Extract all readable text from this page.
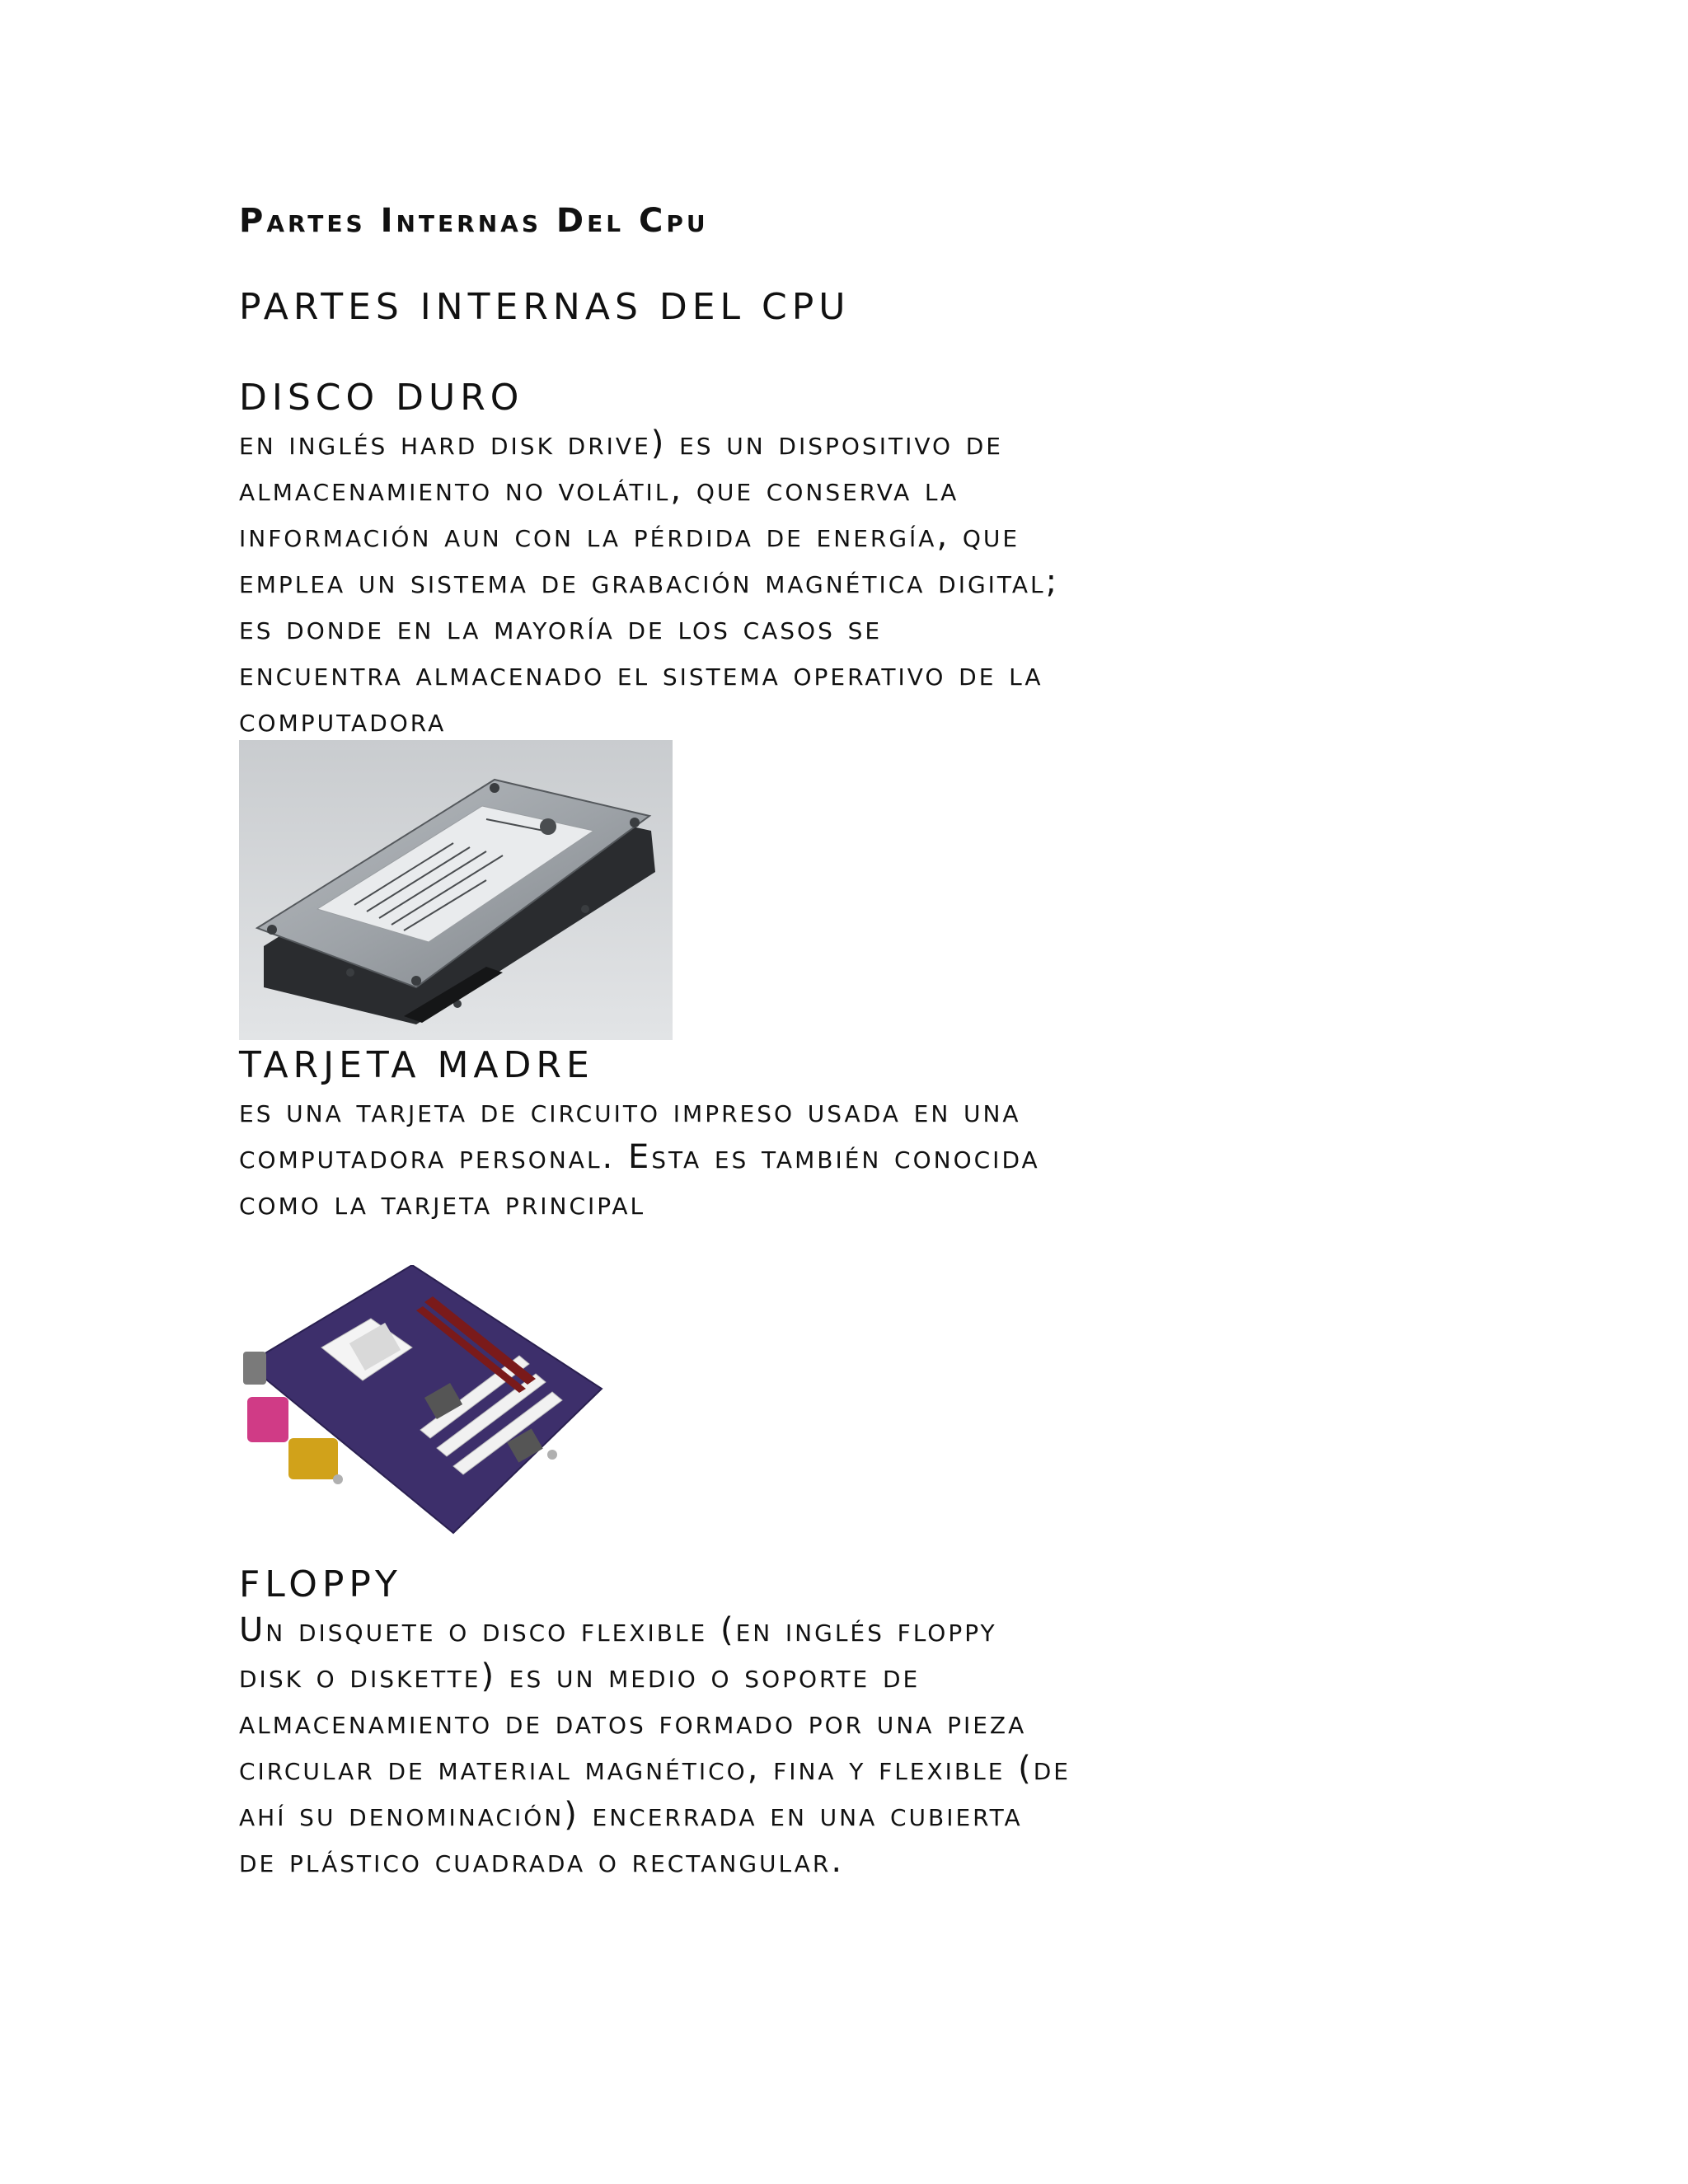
Partes Internas Del Cpu
PARTES INTERNAS DEL CPU
DISCO DURO
en inglés hard disk drive) es un dispositivo de
almacenamiento no volátil, que conserva la
información aun con la pérdida de energía, que
emplea un sistema de grabación magnética digital;
es donde en la mayoría de los casos se
encuentra almacenado el sistema operativo de la
computadora
TARJETA MADRE
es una tarjeta de circuito impreso usada en una
computadora personal. Esta es también conocida
como la tarjeta principal
FLOPPY
Un disquete o disco flexible (en inglés floppy
disk o diskette) es un medio o soporte de
almacenamiento de datos formado por una pieza
circular de material magnético, fina y flexible (de
ahí su denominación) encerrada en una cubierta
de plástico cuadrada o rectangular.
